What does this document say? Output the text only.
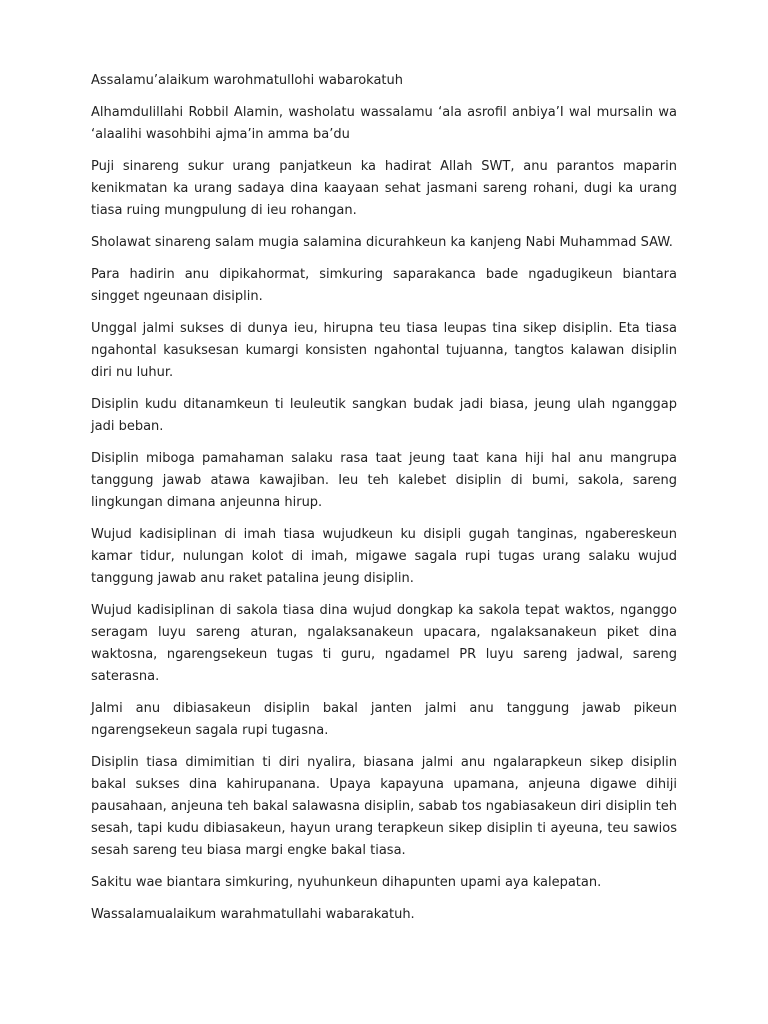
Assalamu’alaikum warohmatullohi wabarokatuh

Alhamdulillahi Robbil Alamin, washolatu wassalamu ‘ala asrofil anbiya’I wal mursalin wa ‘alaalihi wasohbihi ajma’in amma ba’du

Puji sinareng sukur urang panjatkeun ka hadirat Allah SWT, anu parantos maparin kenikmatan ka urang sadaya dina kaayaan sehat jasmani sareng rohani, dugi ka urang tiasa ruing mungpulung di ieu rohangan.

Sholawat sinareng salam mugia salamina dicurahkeun ka kanjeng Nabi Muhammad SAW.

Para hadirin anu dipikahormat, simkuring saparakanca bade ngadugikeun biantara singget ngeunaan disiplin.

Unggal jalmi sukses di dunya ieu, hirupna teu tiasa leupas tina sikep disiplin. Eta tiasa ngahontal kasuksesan kumargi konsisten ngahontal tujuanna, tangtos kalawan disiplin diri nu luhur.

Disiplin kudu ditanamkeun ti leuleutik sangkan budak jadi biasa, jeung ulah nganggap jadi beban.

Disiplin miboga pamahaman salaku rasa taat jeung taat kana hiji hal anu mangrupa tanggung jawab atawa kawajiban. Ieu teh kalebet disiplin di bumi, sakola, sareng lingkungan dimana anjeunna hirup.

Wujud kadisiplinan di imah tiasa wujudkeun ku disipli gugah tanginas, ngabereskeun kamar tidur, nulungan kolot di imah, migawe sagala rupi tugas urang salaku wujud tanggung jawab anu raket patalina jeung disiplin.

Wujud kadisiplinan di sakola tiasa dina wujud dongkap ka sakola tepat waktos, nganggo seragam luyu sareng aturan, ngalaksanakeun upacara, ngalaksanakeun piket dina waktosna, ngarengsekeun tugas ti guru, ngadamel PR luyu sareng jadwal, sareng saterasna.

Jalmi anu dibiasakeun disiplin bakal janten jalmi anu tanggung jawab pikeun ngarengsekeun sagala rupi tugasna.

Disiplin tiasa dimimitian ti diri nyalira, biasana jalmi anu ngalarapkeun sikep disiplin bakal sukses dina kahirupanana. Upaya kapayuna upamana, anjeuna digawe dihiji pausahaan, anjeuna teh bakal salawasna disiplin, sabab tos ngabiasakeun diri disiplin teh sesah, tapi kudu dibiasakeun, hayun urang terapkeun sikep disiplin ti ayeuna, teu sawios sesah sareng teu biasa margi engke bakal tiasa.

Sakitu wae biantara simkuring, nyuhunkeun dihapunten upami aya kalepatan.

Wassalamualaikum warahmatullahi wabarakatuh.
